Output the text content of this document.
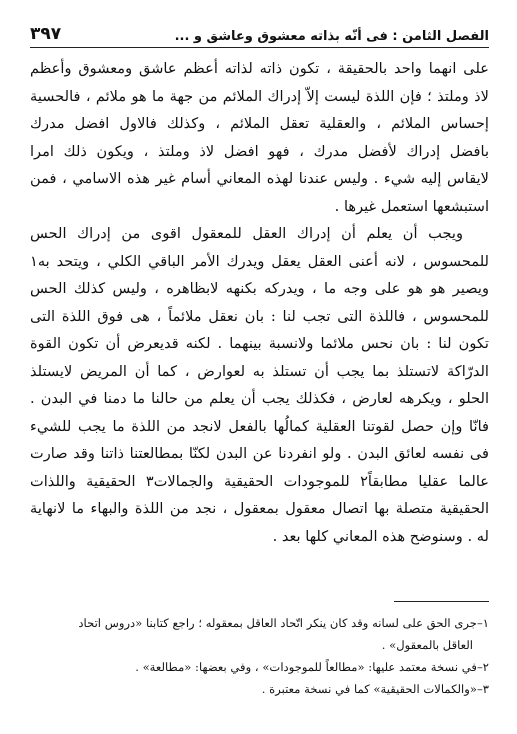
الفصل الثامن : فى أنّه بذاته معشوق وعاشق و ...
٣٩٧
على انهما واحد بالحقيقة ، تكون ذاته لذاته أعظم عاشق ومعشوق وأعظم
لاذ وملتذ ؛ فإن اللذة ليست إلاّ إدراك الملائم من جهة ما هو ملائم ، فالحسية
إحساس الملائم ، والعقلية تعقل الملائم ، وكذلك فالاول افضل مدرك
بافضل إدراك لأفضل مدرك ، فهو افضل لاذ وملتذ ، ويكون ذلك امرا
لايقاس إليه شيء . وليس عندنا لهذه المعاني أسام غير هذه الاسامي ، فمن
استبشعها استعمل غيرها .
ويجب أن يعلم أن إدراك العقل للمعقول اقوى من إدراك الحس
للمحسوس ، لانه أعنى العقل يعقل ويدرك الأمر الباقي الكلي ، ويتحد به١
ويصير هو هو على وجه ما ، ويدركه بكنهه لابظاهره ، وليس كذلك الحس
للمحسوس ، فاللذة التى تجب لنا : بان نعقل ملائماً ، هى فوق اللذة التى
تكون لنا : بان نحس ملائما ولانسبة بينهما . لكنه قديعرض أن تكون القوة
الدرّاكة لاتستلذ بما يجب أن تستلذ به لعوارض ، كما أن المريض لايستلذ
الحلو ، ويكرهه لعارض ، فكذلك يجب أن يعلم من حالنا ما دمنا في البدن .
فانّا وإن حصل لقوتنا العقلية كمالُها بالفعل لانجد من اللذة ما يجب للشيء
فى نفسه لعائق البدن . ولو انفردنا عن البدن لكنّا بمطالعتنا ذاتنا وقد صارت
عالما عقليا مطابقاً٢ للموجودات الحقيقية والجمالات٣ الحقيقية واللذات
الحقيقية متصلة بها اتصال معقول بمعقول ، نجد من اللذة والبهاء ما لانهاية
له . وسنوضح هذه المعاني كلها بعد .
١–جرى الحق على لسانه وقد كان ينكر اتّحاد العاقل بمعقوله ؛ راجع كتابنا «دروس اتحاد
العاقل بالمعقول» .
٢–في نسخة معتمد عليها: «مطالعاً للموجودات» ، وفي بعضها: «مطالعة» .
٣–«والكمالات الحقيقية» كما في نسخة معتبرة .
